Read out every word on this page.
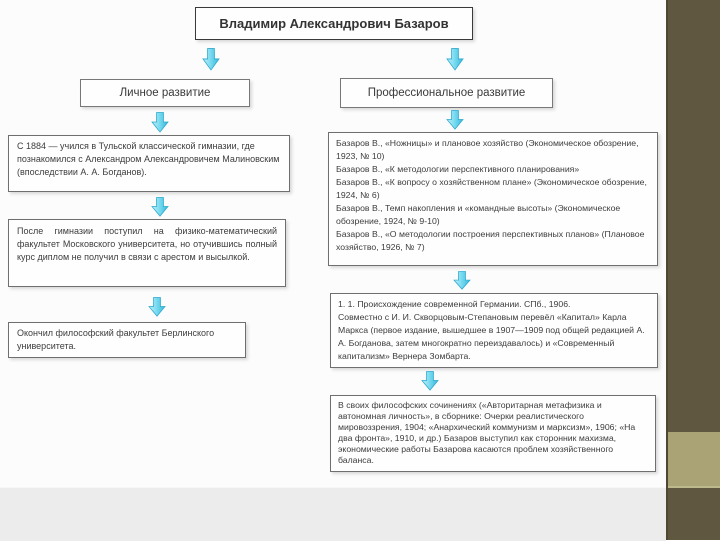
Владимир Александрович Базаров
Личное развитие	Профессиональное развитие

С 1884 — учился в Тульской классической гимназии, где познакомился с Александром Александровичем Малиновским (впоследствии А. А. Богданов).

После гимназии поступил на физико-математический факультет Московского университета, но отучившись полный курс диплом не получил в связи с арестом и высылкой.

Окончил философский факультет Берлинского университета.

Базаров В., «Ножницы» и плановое хозяйство (Экономическое обозрение, 1923, № 10)

Базаров В., «К методологии перспективного планирования»

Базаров В., «К вопросу о хозяйственном плане» (Экономическое обозрение, 1924, № 6)

Базаров В., Темп накопления и «командные высоты» (Экономическое обозрение, 1924, № 9-10)

Базаров В., «О методологии построения перспективных планов» (Плановое хозяйство, 1926, № 7)

1. 1. Происхождение современной Германии. СПб., 1906.

Совместно с И. И. Скворцовым-Степановым перевёл «Капитал» Карла Маркса (первое издание, вышедшее в 1907—1909 под общей редакцией А. А. Богданова, затем многократно переиздавалось) и «Современный капитализм» Вернера Зомбарта.

В своих философских сочинениях («Авторитарная метафизика и автономная личность», в сборнике: Очерки реалистического мировоззрения, 1904; «Анархический коммунизм и марксизм», 1906; «На два фронта», 1910, и др.) Базаров выступил как сторонник махизма, экономические работы Базарова касаются проблем хозяйственного баланса.
